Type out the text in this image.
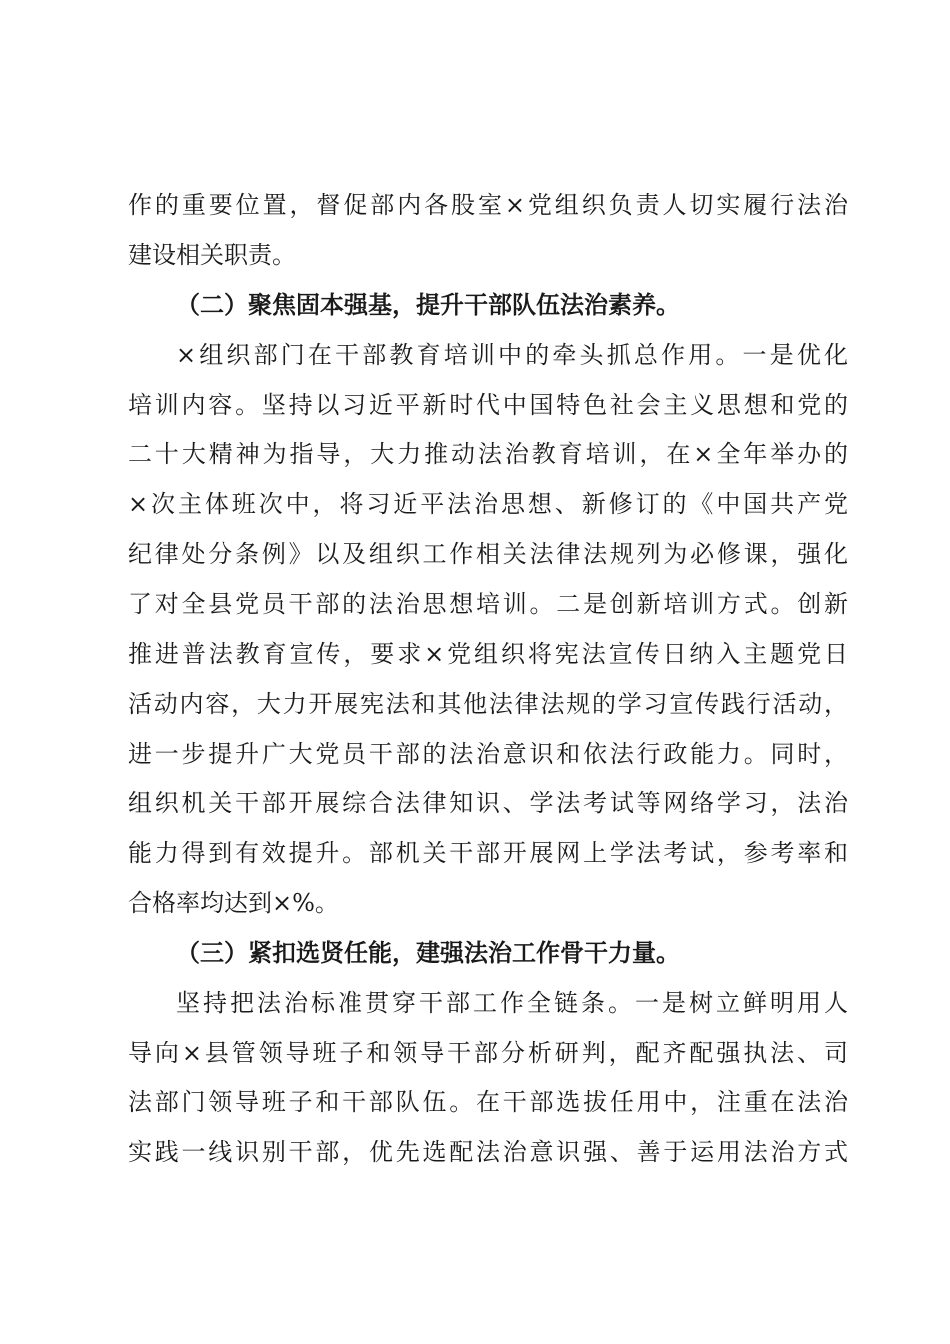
作的重要位置，督促部内各股室×党组织负责人切实履行法治
建设相关职责。
（二）聚焦固本强基，提升干部队伍法治素养。
×组织部门在干部教育培训中的牵头抓总作用。一是优化
培训内容。坚持以习近平新时代中国特色社会主义思想和党的
二十大精神为指导，大力推动法治教育培训，在×全年举办的
×次主体班次中，将习近平法治思想、新修订的《中国共产党
纪律处分条例》以及组织工作相关法律法规列为必修课，强化
了对全县党员干部的法治思想培训。二是创新培训方式。创新
推进普法教育宣传，要求×党组织将宪法宣传日纳入主题党日
活动内容，大力开展宪法和其他法律法规的学习宣传践行活动，
进一步提升广大党员干部的法治意识和依法行政能力。同时，
组织机关干部开展综合法律知识、学法考试等网络学习，法治
能力得到有效提升。部机关干部开展网上学法考试，参考率和
合格率均达到×%。
（三）紧扣选贤任能，建强法治工作骨干力量。
坚持把法治标准贯穿干部工作全链条。一是树立鲜明用人
导向×县管领导班子和领导干部分析研判，配齐配强执法、司
法部门领导班子和干部队伍。在干部选拔任用中，注重在法治
实践一线识别干部，优先选配法治意识强、善于运用法治方式
